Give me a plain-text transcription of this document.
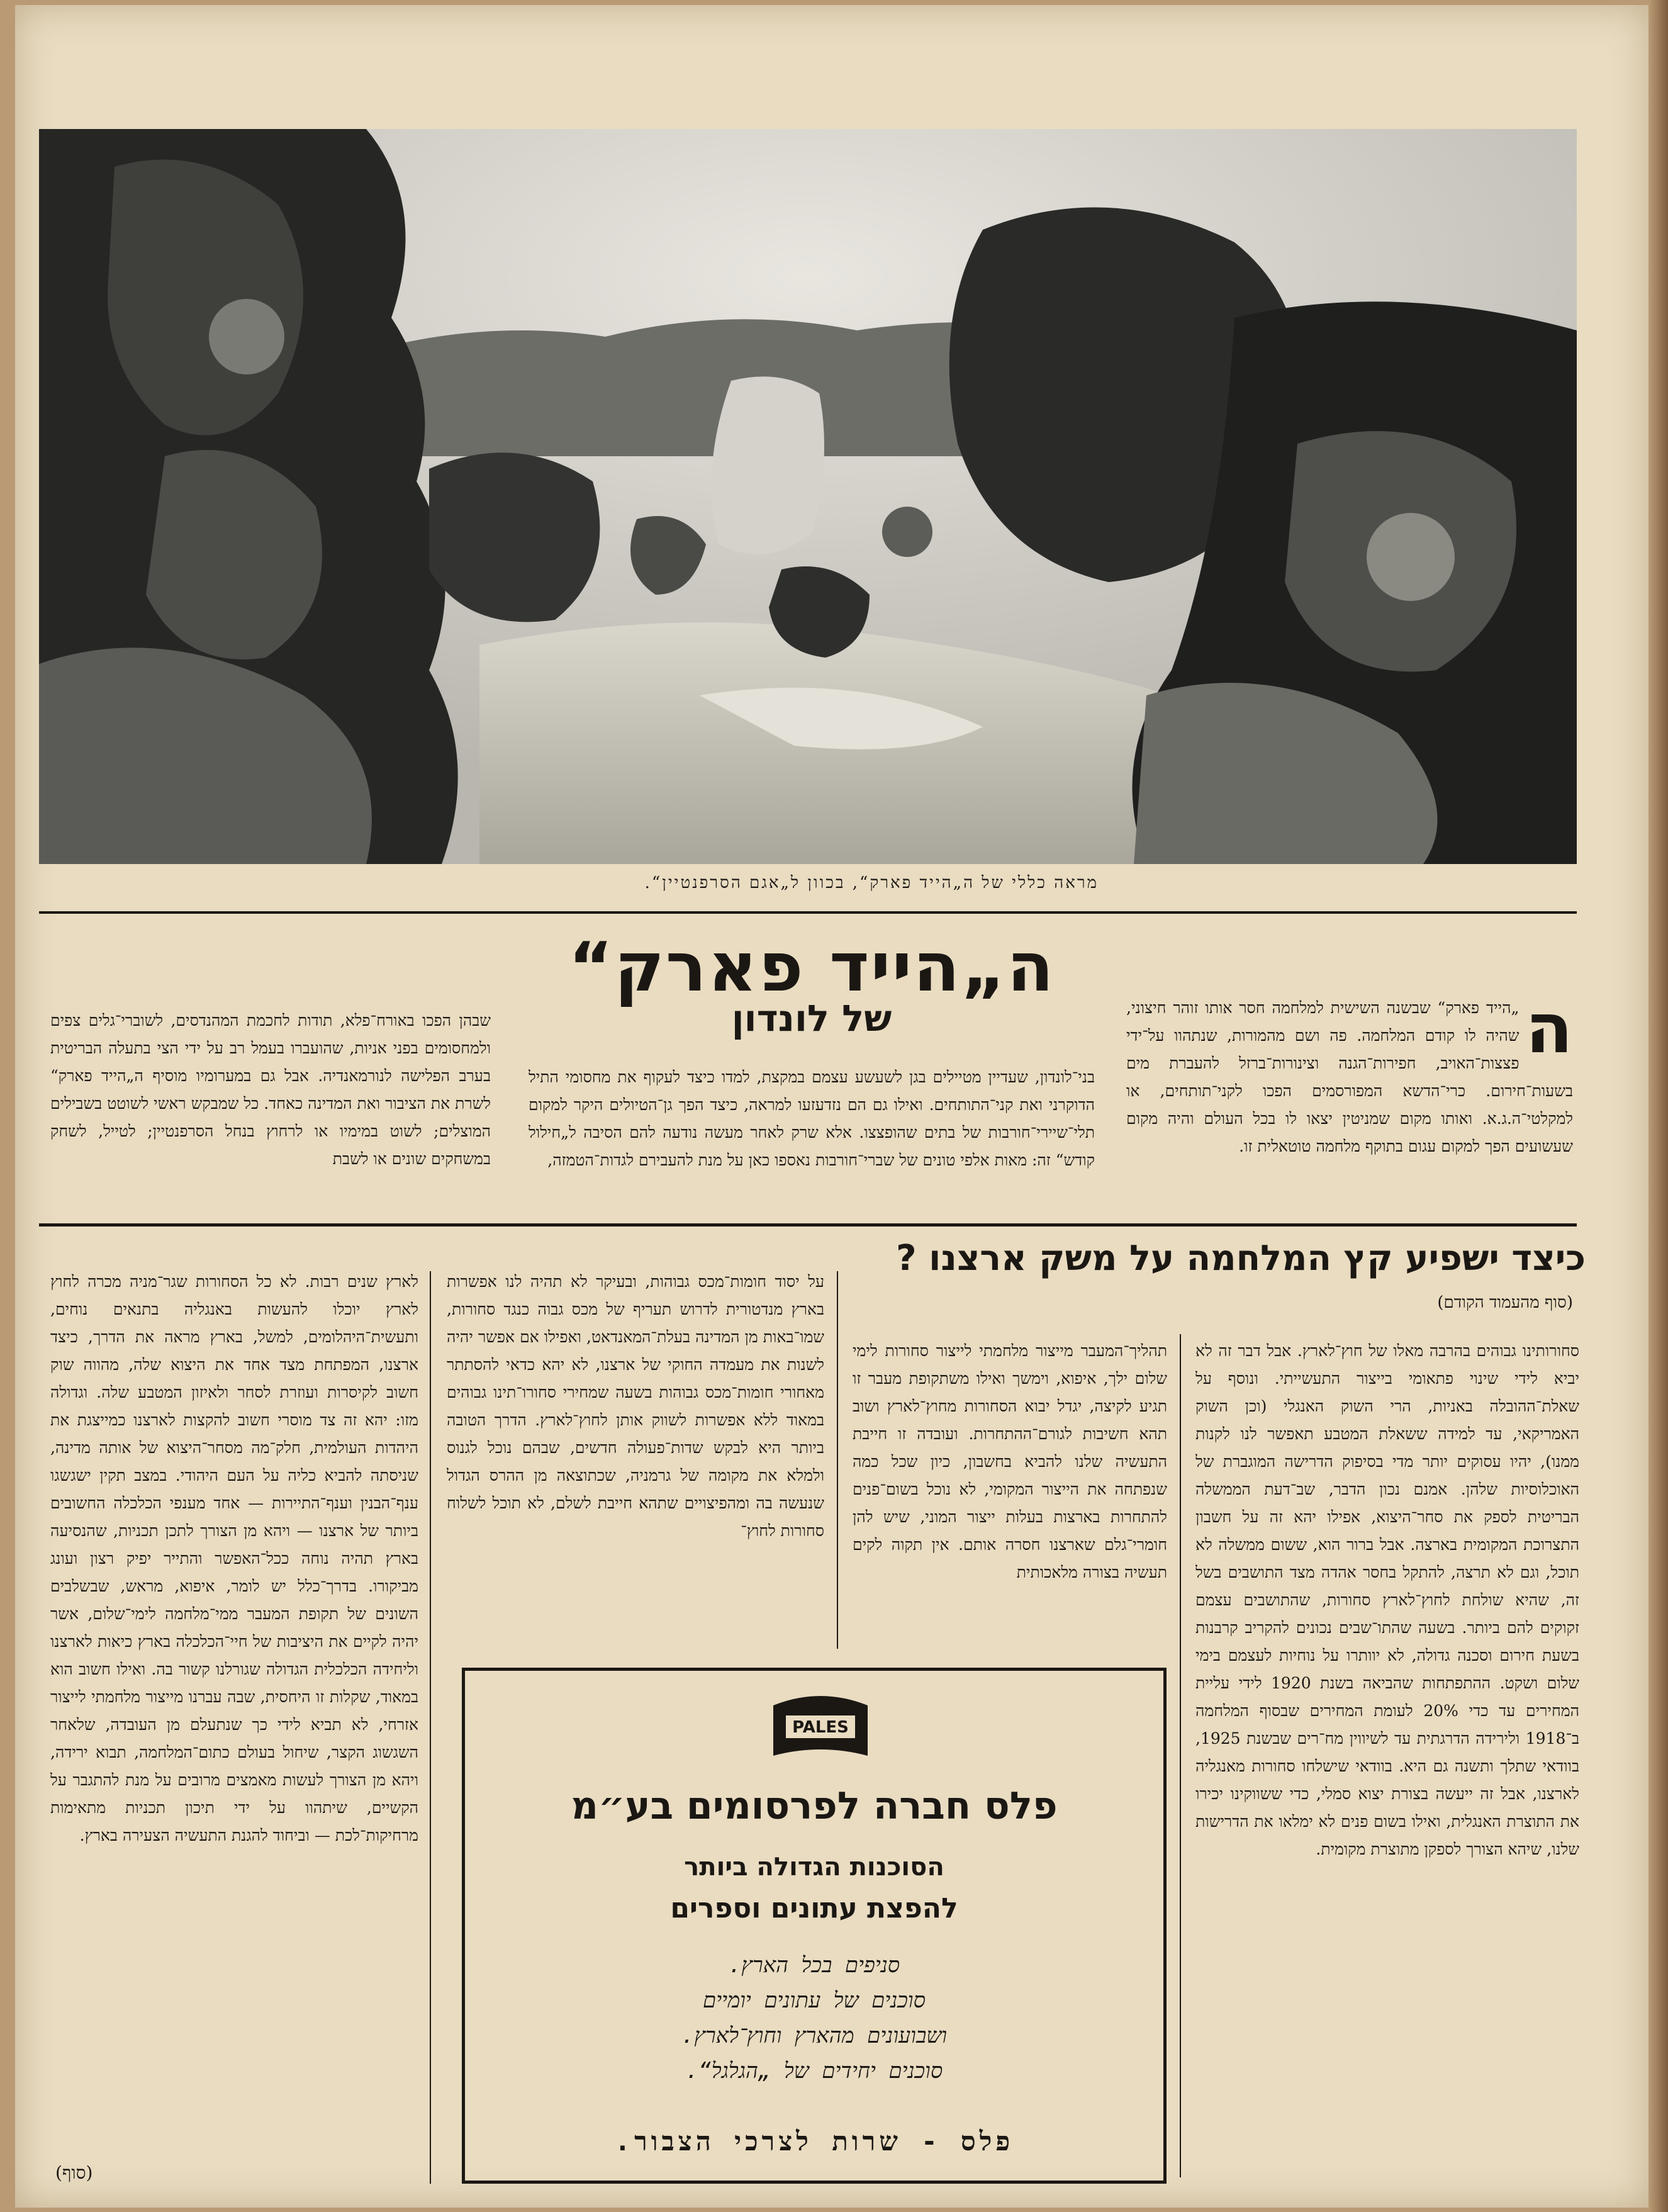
מראה כללי של ה„הייד פארק“, בכוון ל„אגם הסרפנטיין“.
ה„הייד פארק“
של לונדון	ה
„הייד פארק“ שבשנה השישית למלחמה חסר אותו זוהר חיצוני, שהיה לו קודם המלחמה. פה ושם מהמורות, שנתהוו על־ידי פצצות־האויב, חפירות־הגנה וצינורות־ברזל להעברת מים בשעות־חירום. כרי־הדשא המפורסמים הפכו לקני־תותחים, או למקלטי־ה.ג.א. ואותו מקום שמניטין יצאו לו בכל העולם והיה מקום שעשועים הפך למקום עגום בתוקף מלחמה טוטאלית זו.
בני־לונדון, שעדיין מטיילים בגן לשעשע עצמם במקצת, למדו כיצד לעקוף את מחסומי התיל הדוקרני ואת קני־התותחים. ואילו גם הם נזדעזעו למראה, כיצד הפך גן־הטיולים היקר למקום תלי־שיירי־חורבות של בתים שהופצצו. אלא שרק לאחר מעשה נודעה להם הסיבה ל„חילול קודש“ זה: מאות אלפי טונים של שברי־חורבות נאספו כאן על מנת להעבירם לגדות־הטמזה,
שבהן הפכו באורח־פלא, תודות לחכמת המהנדסים, לשוברי־גלים צפים ולמחסומים בפני אניות, שהועברו בעמל רב על ידי הצי בתעלה הבריטית בערב הפלישה לנורמאנדיה. אבל גם במערומיו מוסיף ה„הייד פארק“ לשרת את הציבור ואת המדינה כאחד. כל שמבקש ראשי לשוטט בשבילים המוצלים; לשוט במימיו או לרחוץ בנחל הסרפנטיין; לטייל, לשחק במשחקים שונים או לשבת
כיצד ישפיע קץ המלחמה על משק ארצנו ?
(סוף מהעמוד הקודם)
סחורותינו גבוהים בהרבה מאלו של חוץ־לארץ. אבל דבר זה לא יביא לידי שינוי פתאומי בייצור התעשייתי. ונוסף על שאלת־ההובלה באניות, הרי השוק האנגלי (וכן השוק האמריקאי, עד למידה ששאלת המטבע תאפשר לנו לקנות ממנו), יהיו עסוקים יותר מדי בסיפוק הדרישה המוגברת של האוכלוסיות שלהן. אמנם נכון הדבר, שב־דעת הממשלה הבריטית לספק את סחר־היצוא, אפילו יהא זה על חשבון התצרוכת המקומית בארצה. אבל ברור הוא, ששום ממשלה לא תוכל, וגם לא תרצה, להתקל בחסר אהדה מצד התושבים בשל זה, שהיא שולחת לחוץ־לארץ סחורות, שהתושבים עצמם זקוקים להם ביותר. בשעה שהתו־שבים נכונים להקריב קרבנות בשעת חירום וסכנה גדולה, לא יוותרו על נוחיות לעצמם בימי שלום ושקט. ההתפתחות שהביאה בשנת 1920 לידי עליית המחירים עד כדי 20% לעומת המחירים שבסוף המלחמה ב־1918 ולירידה הדרגתית עד לשיווין מח־רים שבשנת 1925, בוודאי שתלך ותשנה גם היא. בוודאי שישלחו סחורות מאנגליה לארצנו, אבל זה ייעשה בצורת יצוא סמלי, כדי ששווקינו יכירו את התוצרת האנגלית, ואילו בשום פנים לא ימלאו את הדרישות שלנו, שיהא הצורך לספקן מתוצרת מקומית.
תהליך־המעבר מייצור מלחמתי לייצור סחורות לימי שלום ילך, איפוא, וימשך ואילו משתקופת מעבר זו תגיע לקיצה, יגדל יבוא הסחורות מחוץ־לארץ ושוב תהא חשיבות לגורם־ההתחרות. ועובדה זו חייבת התעשיה שלנו להביא בחשבון, כיון שכל כמה שנפתחה את הייצור המקומי, לא נוכל בשום־פנים להתחרות בארצות בעלות ייצור המוני, שיש להן חומרי־גלם שארצנו חסרה אותם. אין תקוה לקים תעשיה בצורה מלאכותית
על יסוד חומות־מכס גבוהות, ובעיקר לא תהיה לנו אפשרות בארץ מנדטורית לדרוש תעריף של מכס גבוה כנגד סחורות, שמו־באות מן המדינה בעלת־המאנדאט, ואפילו אם אפשר יהיה לשנות את מעמדה החוקי של ארצנו, לא יהא כדאי להסתתר מאחורי חומות־מכס גבוהות בשעה שמחירי סחורו־תינו גבוהים במאוד ללא אפשרות לשווק אותן לחוץ־לארץ. הדרך הטובה ביותר היא לבקש שדות־פעולה חדשים, שבהם נוכל לגנוס ולמלא את מקומה של גרמניה, שכתוצאה מן ההרס הגדול שנעשה בה ומהפיצויים שתהא חייבת לשלם, לא תוכל לשלוח סחורות לחוץ־
לארץ שנים רבות. לא כל הסחורות שגר־מניה מכרה לחוץ לארץ יוכלו להעשות באנגליה בתנאים נוחים, ותעשית־היהלומים, למשל, בארץ מראה את הדרך, כיצד ארצנו, המפתחת מצד אחד את היצוא שלה, מהווה שוק חשוב לקיסרות ועוזרת לסחר ולאיזון המטבע שלה. וגדולה מזו: יהא זה צד מוסרי חשוב להקצות לארצנו כמייצגת את היהדות העולמית, חלק־מה מסחר־היצוא של אותה מדינה, שניסתה להביא כליה על העם היהודי. במצב תקין ישגשגו ענף־הבנין וענף־התיירות — אחד מענפי הכלכלה החשובים ביותר של ארצנו — ויהא מן הצורך לתכן תכניות, שהנסיעה בארץ תהיה נוחה ככל־האפשר והתייר יפיק רצון ועונג מביקורו. בדרך־כלל יש לומר, איפוא, מראש, שבשלבים השונים של תקופת המעבר ממי־מלחמה לימי־שלום, אשר יהיה לקיים את היציבות של חיי־הכלכלה בארץ כיאות לארצנו וליחידה הכלכלית הגדולה שגורלנו קשור בה. ואילו חשוב הוא במאוד, שקלות זו היחסית, שבה עברנו מייצור מלחמתי לייצור אזרחי, לא תביא לידי כך שנתעלם מן העובדה, שלאחר השגשוג הקצר, שיחול בעולם כתום־המלחמה, תבוא ירידה, ויהא מן הצורך לעשות מאמצים מרובים על מנת להתגבר על הקשיים, שיתהוו על ידי תיכון תכניות מתאימות מרחיקות־לכת — וביחוד להגנת התעשיה הצעירה בארץ.
PALES
פלס חברה לפרסומים בע״מ
הסוכנות הגדולה ביותר
להפצת עתונים וספרים
סניפים בכל הארץ.
סוכנים של עתונים יומיים
ושבועונים מהארץ וחוץ־לארץ.
סוכנים יחידים של „הגלגל“.
פלס - שרות לצרכי הצבור.
(סוף)
